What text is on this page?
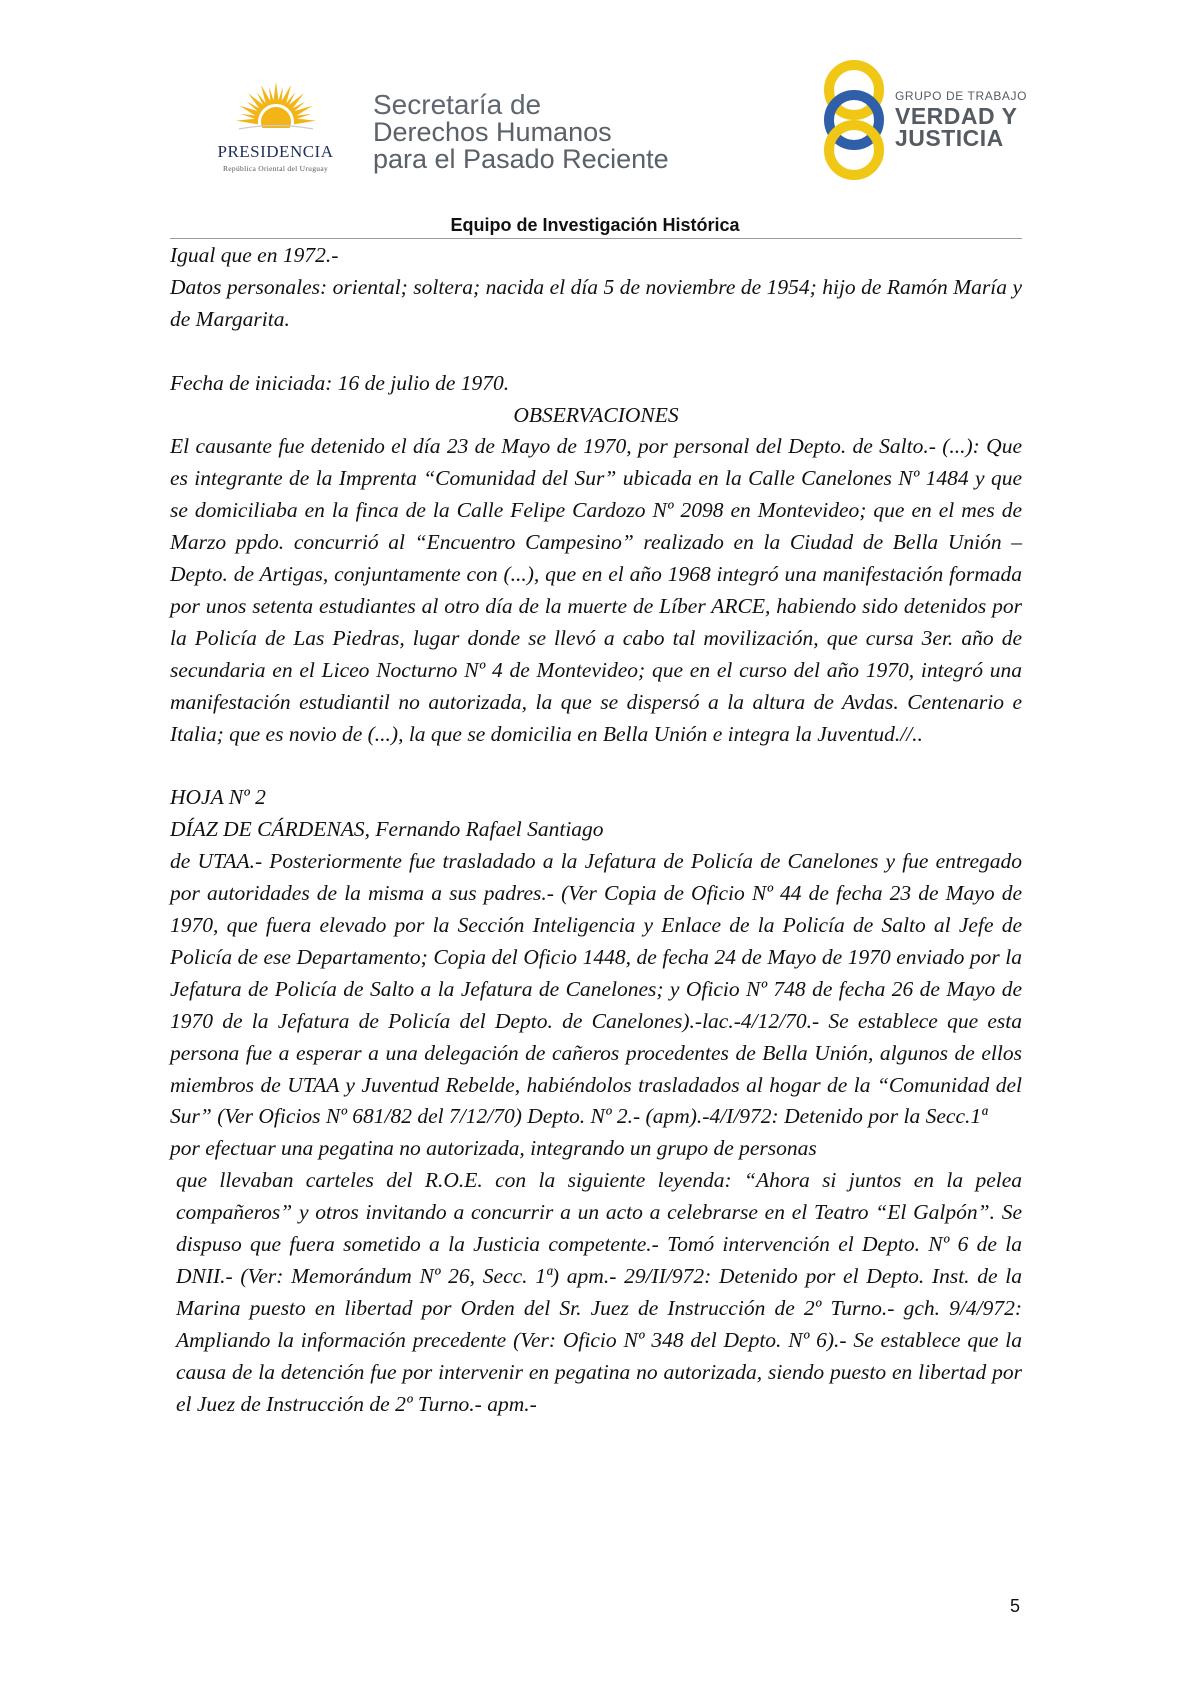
PRESIDENCIA
República Oriental del Uruguay
Secretaría de
Derechos Humanos
para el Pasado Reciente
GRUPO DE TRABAJO
VERDAD Y
JUSTICIA
Equipo de Investigación Histórica

Igual que en 1972.-

Datos personales: oriental; soltera; nacida el día 5 de noviembre de 1954; hijo de Ramón María y de Margarita.

Fecha de iniciada: 16 de julio de 1970.

OBSERVACIONES

El causante fue detenido el día 23 de Mayo de 1970, por personal del Depto. de Salto.- (...): Que es integrante de la Imprenta “Comunidad del Sur” ubicada en la Calle Canelones Nº 1484 y que se domiciliaba en la finca de la Calle Felipe Cardozo Nº 2098 en Montevideo; que en el mes de Marzo ppdo. concurrió al “Encuentro Campesino” realizado en la Ciudad de Bella Unión – Depto. de Artigas, conjuntamente con (...), que en el año 1968 integró una manifestación formada por unos setenta estudiantes al otro día de la muerte de Líber ARCE, habiendo sido detenidos por la Policía de Las Piedras, lugar donde se llevó a cabo tal movilización, que cursa 3er. año de secundaria en el Liceo Nocturno Nº 4 de Montevideo; que en el curso del año 1970, integró una manifestación estudiantil no autorizada, la que se dispersó a la altura de Avdas. Centenario e Italia; que es novio de (...), la que se domicilia en Bella Unión e integra la Juventud.//..

HOJA Nº 2

DÍAZ DE CÁRDENAS, Fernando Rafael Santiago

de UTAA.- Posteriormente fue trasladado a la Jefatura de Policía de Canelones y fue entregado por autoridades de la misma a sus padres.- (Ver Copia de Oficio Nº 44 de fecha 23 de Mayo de 1970, que fuera elevado por la Sección Inteligencia y Enlace de la Policía de Salto al Jefe de Policía de ese Departamento; Copia del Oficio 1448, de fecha 24 de Mayo de 1970 enviado por la Jefatura de Policía de Salto a la Jefatura de Canelones; y Oficio Nº 748 de fecha 26 de Mayo de 1970 de la Jefatura de Policía del Depto. de Canelones).-lac.-4/12/70.- Se establece que esta persona fue a esperar a una delegación de cañeros procedentes de Bella Unión, algunos de ellos miembros de UTAA y Juventud Rebelde, habiéndolos trasladados al hogar de la “Comunidad del Sur” (Ver Oficios Nº 681/82 del 7/12/70) Depto. Nº 2.- (apm).-4/I/972: Detenido por la Secc.1ª

por efectuar una pegatina no autorizada, integrando un grupo de personas

que llevaban carteles del R.O.E. con la siguiente leyenda: “Ahora si juntos en la pelea compañeros” y otros invitando a concurrir a un acto a celebrarse en el Teatro “El Galpón”. Se dispuso que fuera sometido a la Justicia competente.- Tomó intervención el Depto. Nº 6 de la DNII.- (Ver: Memorándum Nº 26, Secc. 1ª) apm.- 29/II/972: Detenido por el Depto. Inst. de la Marina puesto en libertad por Orden del Sr. Juez de Instrucción de 2º Turno.- gch. 9/4/972: Ampliando la información precedente (Ver: Oficio Nº 348 del Depto. Nº 6).- Se establece que la causa de la detención fue por intervenir en pegatina no autorizada, siendo puesto en libertad por el Juez de Instrucción de 2º Turno.- apm.-

5
